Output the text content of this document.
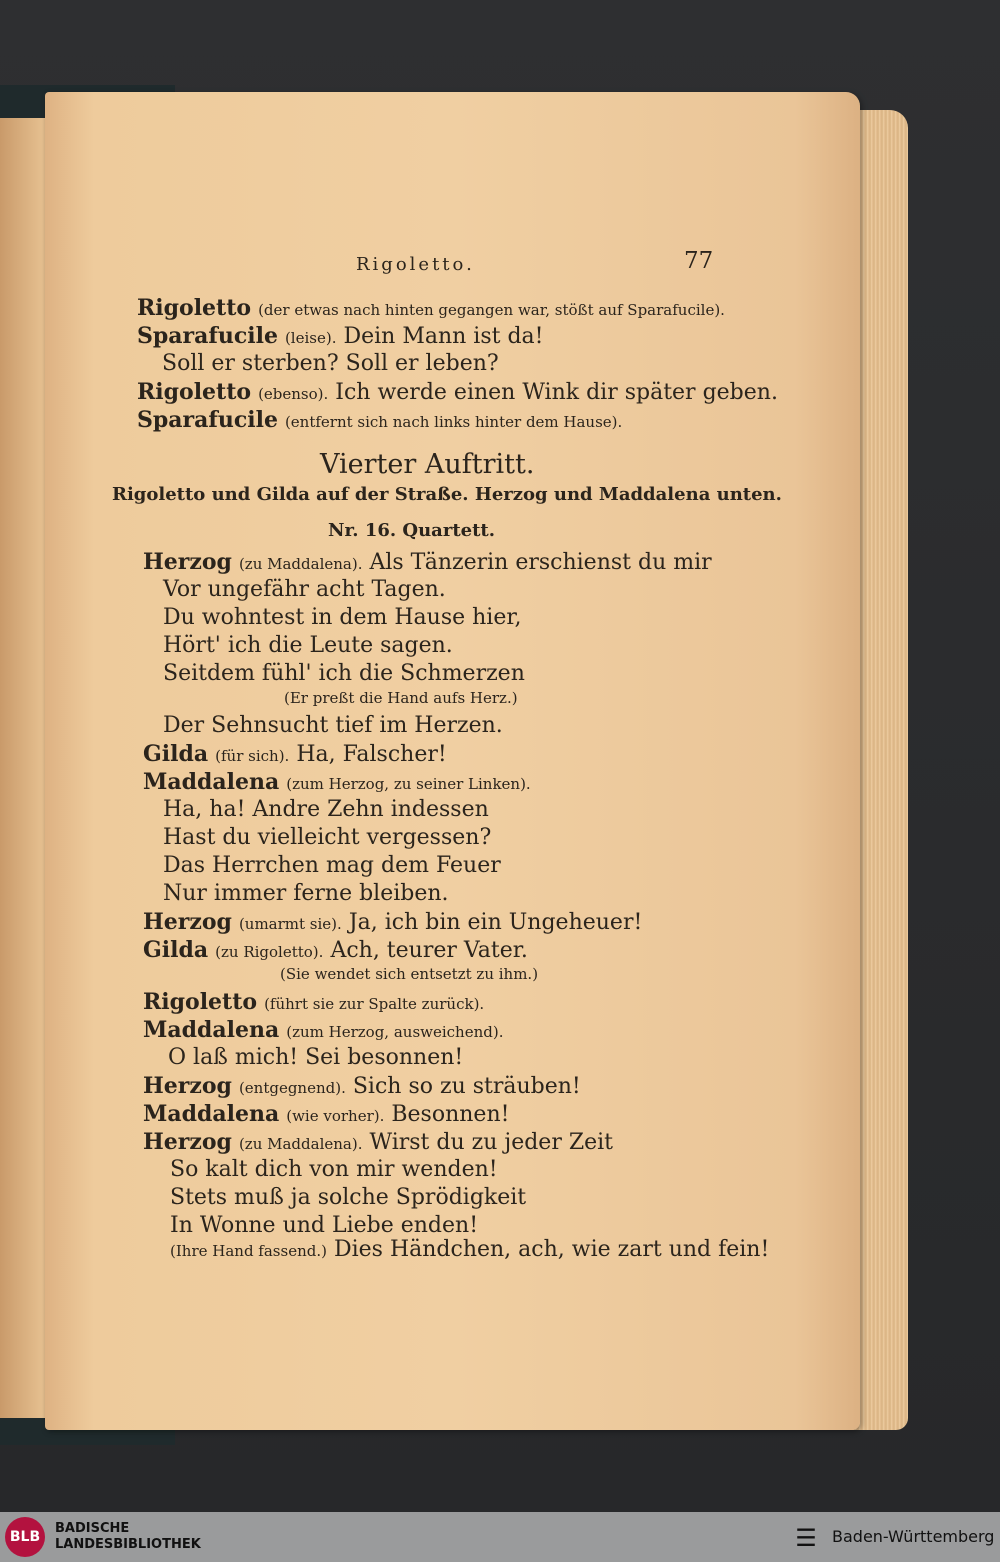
Rigoletto.	77
Rigoletto (der etwas nach hinten gegangen war, stößt auf Sparafucile).
Sparafucile (leise). Dein Mann ist da!
Soll er sterben? Soll er leben?
Rigoletto (ebenso). Ich werde einen Wink dir später geben.
Sparafucile (entfernt sich nach links hinter dem Hause).
Vierter Auftritt.
Rigoletto und Gilda auf der Straße. Herzog und Maddalena unten.
Nr. 16. Quartett.
Herzog (zu Maddalena). Als Tänzerin erschienst du mir
Vor ungefähr acht Tagen.
Du wohntest in dem Hause hier,
Hört' ich die Leute sagen.
Seitdem fühl' ich die Schmerzen
(Er preßt die Hand aufs Herz.)
Der Sehnsucht tief im Herzen.
Gilda (für sich). Ha, Falscher!
Maddalena (zum Herzog, zu seiner Linken).
Ha, ha! Andre Zehn indessen
Hast du vielleicht vergessen?
Das Herrchen mag dem Feuer
Nur immer ferne bleiben.
Herzog (umarmt sie). Ja, ich bin ein Ungeheuer!
Gilda (zu Rigoletto). Ach, teurer Vater.
(Sie wendet sich entsetzt zu ihm.)
Rigoletto (führt sie zur Spalte zurück).
Maddalena (zum Herzog, ausweichend).
O laß mich! Sei besonnen!
Herzog (entgegnend). Sich so zu sträuben!
Maddalena (wie vorher). Besonnen!
Herzog (zu Maddalena). Wirst du zu jeder Zeit
So kalt dich von mir wenden!
Stets muß ja solche Sprödigkeit
In Wonne und Liebe enden!
(Ihre Hand fassend.) Dies Händchen, ach, wie zart und fein!
BLB
BADISCHE
LANDESBIBLIOTHEK	☰ Baden-Württemberg
